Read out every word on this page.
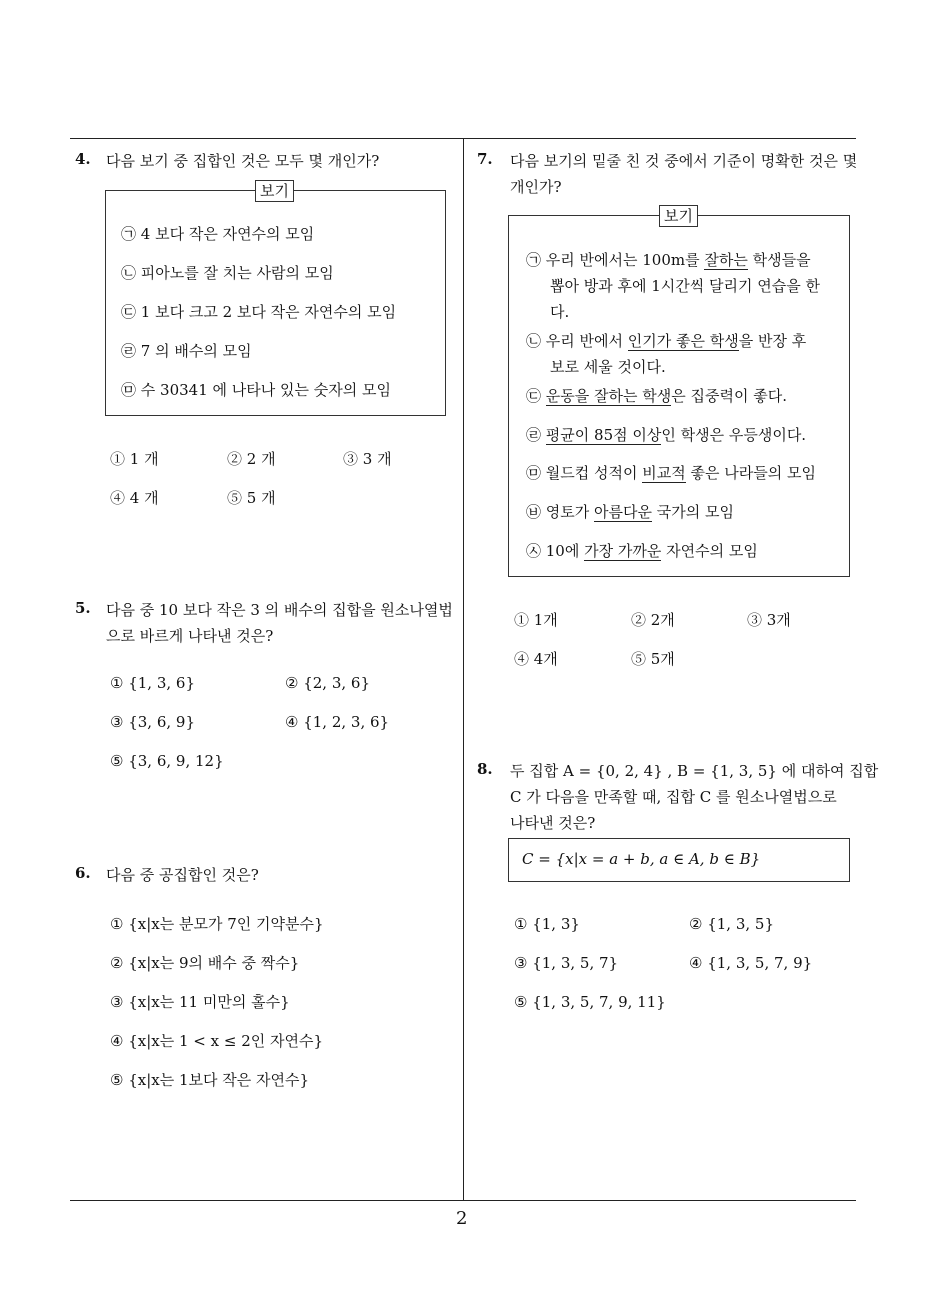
4. 다음 보기 중 집합인 것은 모두 몇 개인가?
보기
㉠ 4 보다 작은 자연수의 모임
㉡ 피아노를 잘 치는 사람의 모임
㉢ 1 보다 크고 2 보다 작은 자연수의 모임
㉣ 7 의 배수의 모임
㉤ 수 30341 에 나타나 있는 숫자의 모임
① 1 개	② 2 개	③ 3 개
④ 4 개	⑤ 5 개
5. 다음 중 10 보다 작은 3 의 배수의 집합을 원소나열법
으로 바르게 나타낸 것은?
① {1, 3, 6}	② {2, 3, 6}
③ {3, 6, 9}	④ {1, 2, 3, 6}
⑤ {3, 6, 9, 12}
6. 다음 중 공집합인 것은?
① {x|x는 분모가 7인 기약분수}
② {x|x는 9의 배수 중 짝수}
③ {x|x는 11 미만의 홀수}
④ {x|x는 1 < x ≤ 2인 자연수}
⑤ {x|x는 1보다 작은 자연수}
7. 다음 보기의 밑줄 친 것 중에서 기준이 명확한 것은 몇
개인가?
보기
㉠ 우리 반에서는 100m를 잘하는 학생들을
뽑아 방과 후에 1시간씩 달리기 연습을 한
다.
㉡ 우리 반에서 인기가 좋은 학생을 반장 후
보로 세울 것이다.
㉢ 운동을 잘하는 학생은 집중력이 좋다.
㉣ 평균이 85점 이상인 학생은 우등생이다.
㉤ 월드컵 성적이 비교적 좋은 나라들의 모임
㉥ 영토가 아름다운 국가의 모임
㉦ 10에 가장 가까운 자연수의 모임
① 1개	② 2개	③ 3개
④ 4개	⑤ 5개
8. 두 집합 A = {0, 2, 4} , B = {1, 3, 5} 에 대하여 집합
C 가 다음을 만족할 때, 집합 C 를 원소나열법으로
나타낸 것은?
C = {x|x = a + b, a ∈ A, b ∈ B}
① {1, 3}	② {1, 3, 5}
③ {1, 3, 5, 7}	④ {1, 3, 5, 7, 9}
⑤ {1, 3, 5, 7, 9, 11}
2
